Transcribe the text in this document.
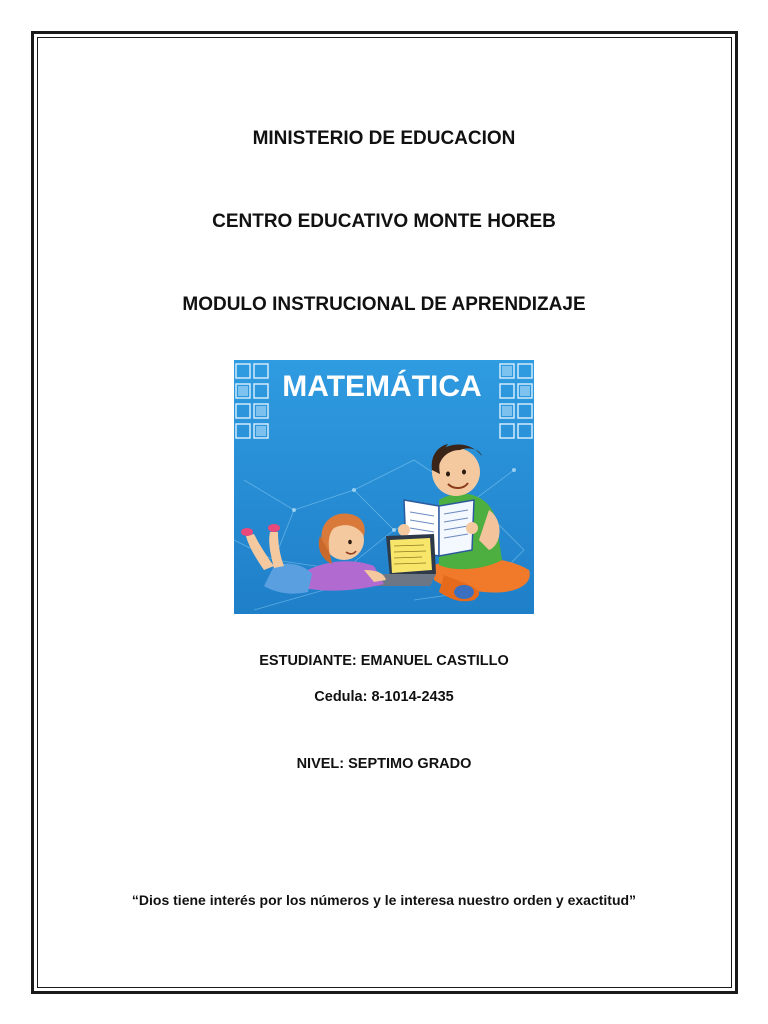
MINISTERIO DE EDUCACION
CENTRO EDUCATIVO MONTE HOREB
MODULO INSTRUCIONAL DE APRENDIZAJE
MATEMÁTICA
ESTUDIANTE: EMANUEL CASTILLO
Cedula: 8-1014-2435
NIVEL: SEPTIMO GRADO
“Dios tiene interés por los números y le interesa nuestro orden y exactitud”
